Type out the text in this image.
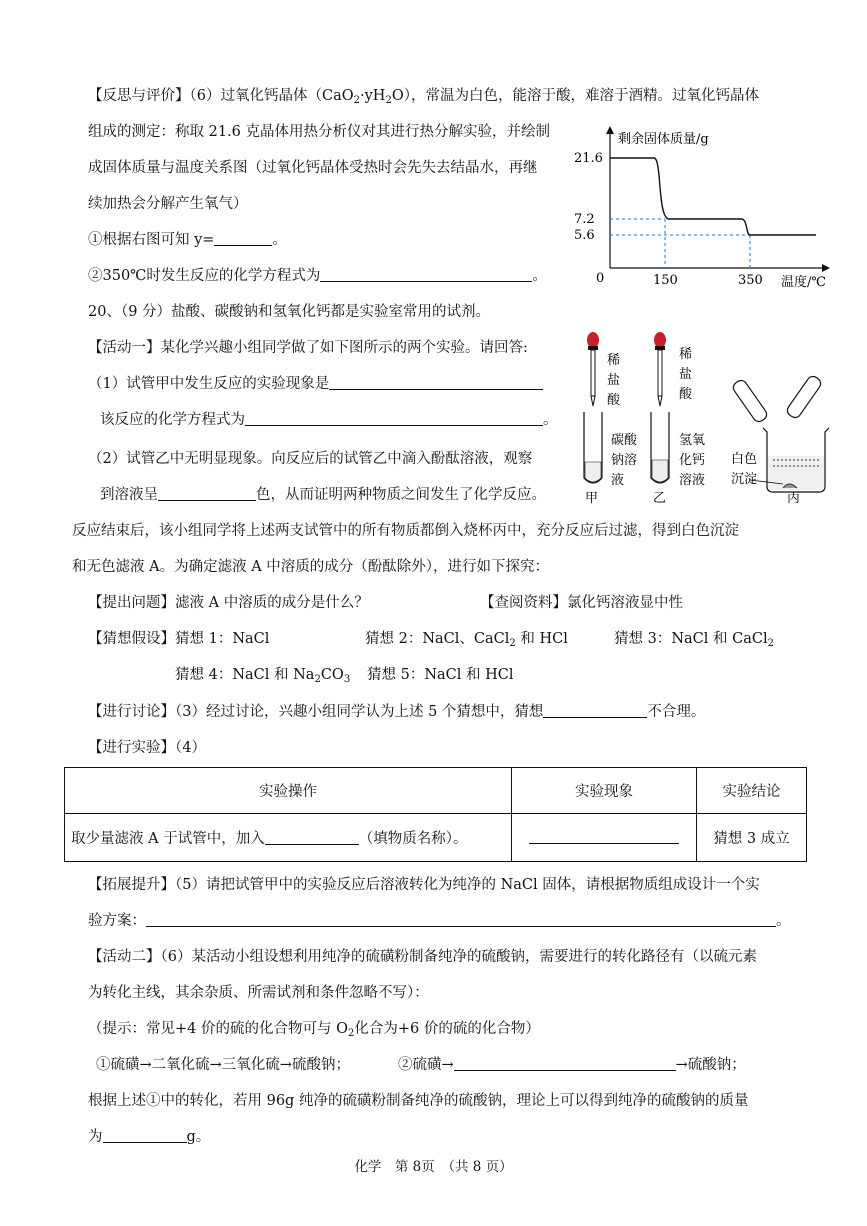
【反思与评价】（6）过氧化钙晶体$(CaO_2\cdot yH_2O)$，常温为白色，能溶于酸，难溶于酒精。过氧化钙晶体
组成的测定：称取 21.6 克晶体用热分析仪对其进行热分解实验，并绘制
成固体质量与温度关系图（过氧化钙晶体受热时会先失去结晶水，再继
续加热会分解产生氧气）
①根据右图可知 y=	。
②350℃时发生反应的化学方程式为	。
剩余固体质量/g
温度/℃
0
21.6
7.2
5.6
150	350
20、（9 分）盐酸、碳酸钠和氢氧化钙都是实验室常用的试剂。
【活动一】某化学兴趣小组同学做了如下图所示的两个实验。请回答:
（1）试管甲中发生反应的实验现象是
该反应的化学方程式为	。
（2）试管乙中无明显现象。向反应后的试管乙中滴入酚酞溶液，观察
到溶液呈	色，从而证明两种物质之间发生了化学反应。
稀
盐
酸
碳酸
钠溶
液
甲
稀
盐
酸
氢氧
化钙
溶液
乙
白色
沉淀
丙
反应结束后，该小组同学将上述两支试管中的所有物质都倒入烧杯丙中，充分反应后过滤，得到白色沉淀
和无色滤液 A。为确定滤液 A 中溶质的成分（酚酞除外），进行如下探究：
【提出问题】滤液 A 中溶质的成分是什么？	【查阅资料】氯化钙溶液显中性
【猜想假设】猜想 1：NaCl	猜想 2：NaCl、CaCl$_2$ 和 HCl	猜想 3：NaCl 和 CaCl$_2$
猜想 4：NaCl 和 $Na_2CO_3$ 猜想 5：NaCl 和 HCl
【进行讨论】（3）经过讨论，兴趣小组同学认为上述 5 个猜想中，猜想	不合理。
【进行实验】（4）
实验操作	实验现象	实验结论
取少量滤液 A 于试管中，加入 （填物质名称）。		猜想 3 成立
【拓展提升】（5）请把试管甲中的实验反应后溶液转化为纯净的 NaCl 固体，请根据物质组成设计一个实
验方案：	。
【活动二】（6）某活动小组设想利用纯净的硫磺粉制备纯净的硫酸钠，需要进行的转化路径有（以硫元素
为转化主线，其余杂质、所需试剂和条件忽略不写）：
（提示：常见+4 价的硫的化合物可与 $O_2$化合为+6 价的硫的化合物）
①硫磺→二氧化硫→三氧化硫→硫酸钠；	②硫磺→	→硫酸钠；
根据上述①中的转化，若用 96g 纯净的硫磺粉制备纯净的硫酸钠，理论上可以得到纯净的硫酸钠的质量
为	g。
化学　第 8页　（共 8 页）
